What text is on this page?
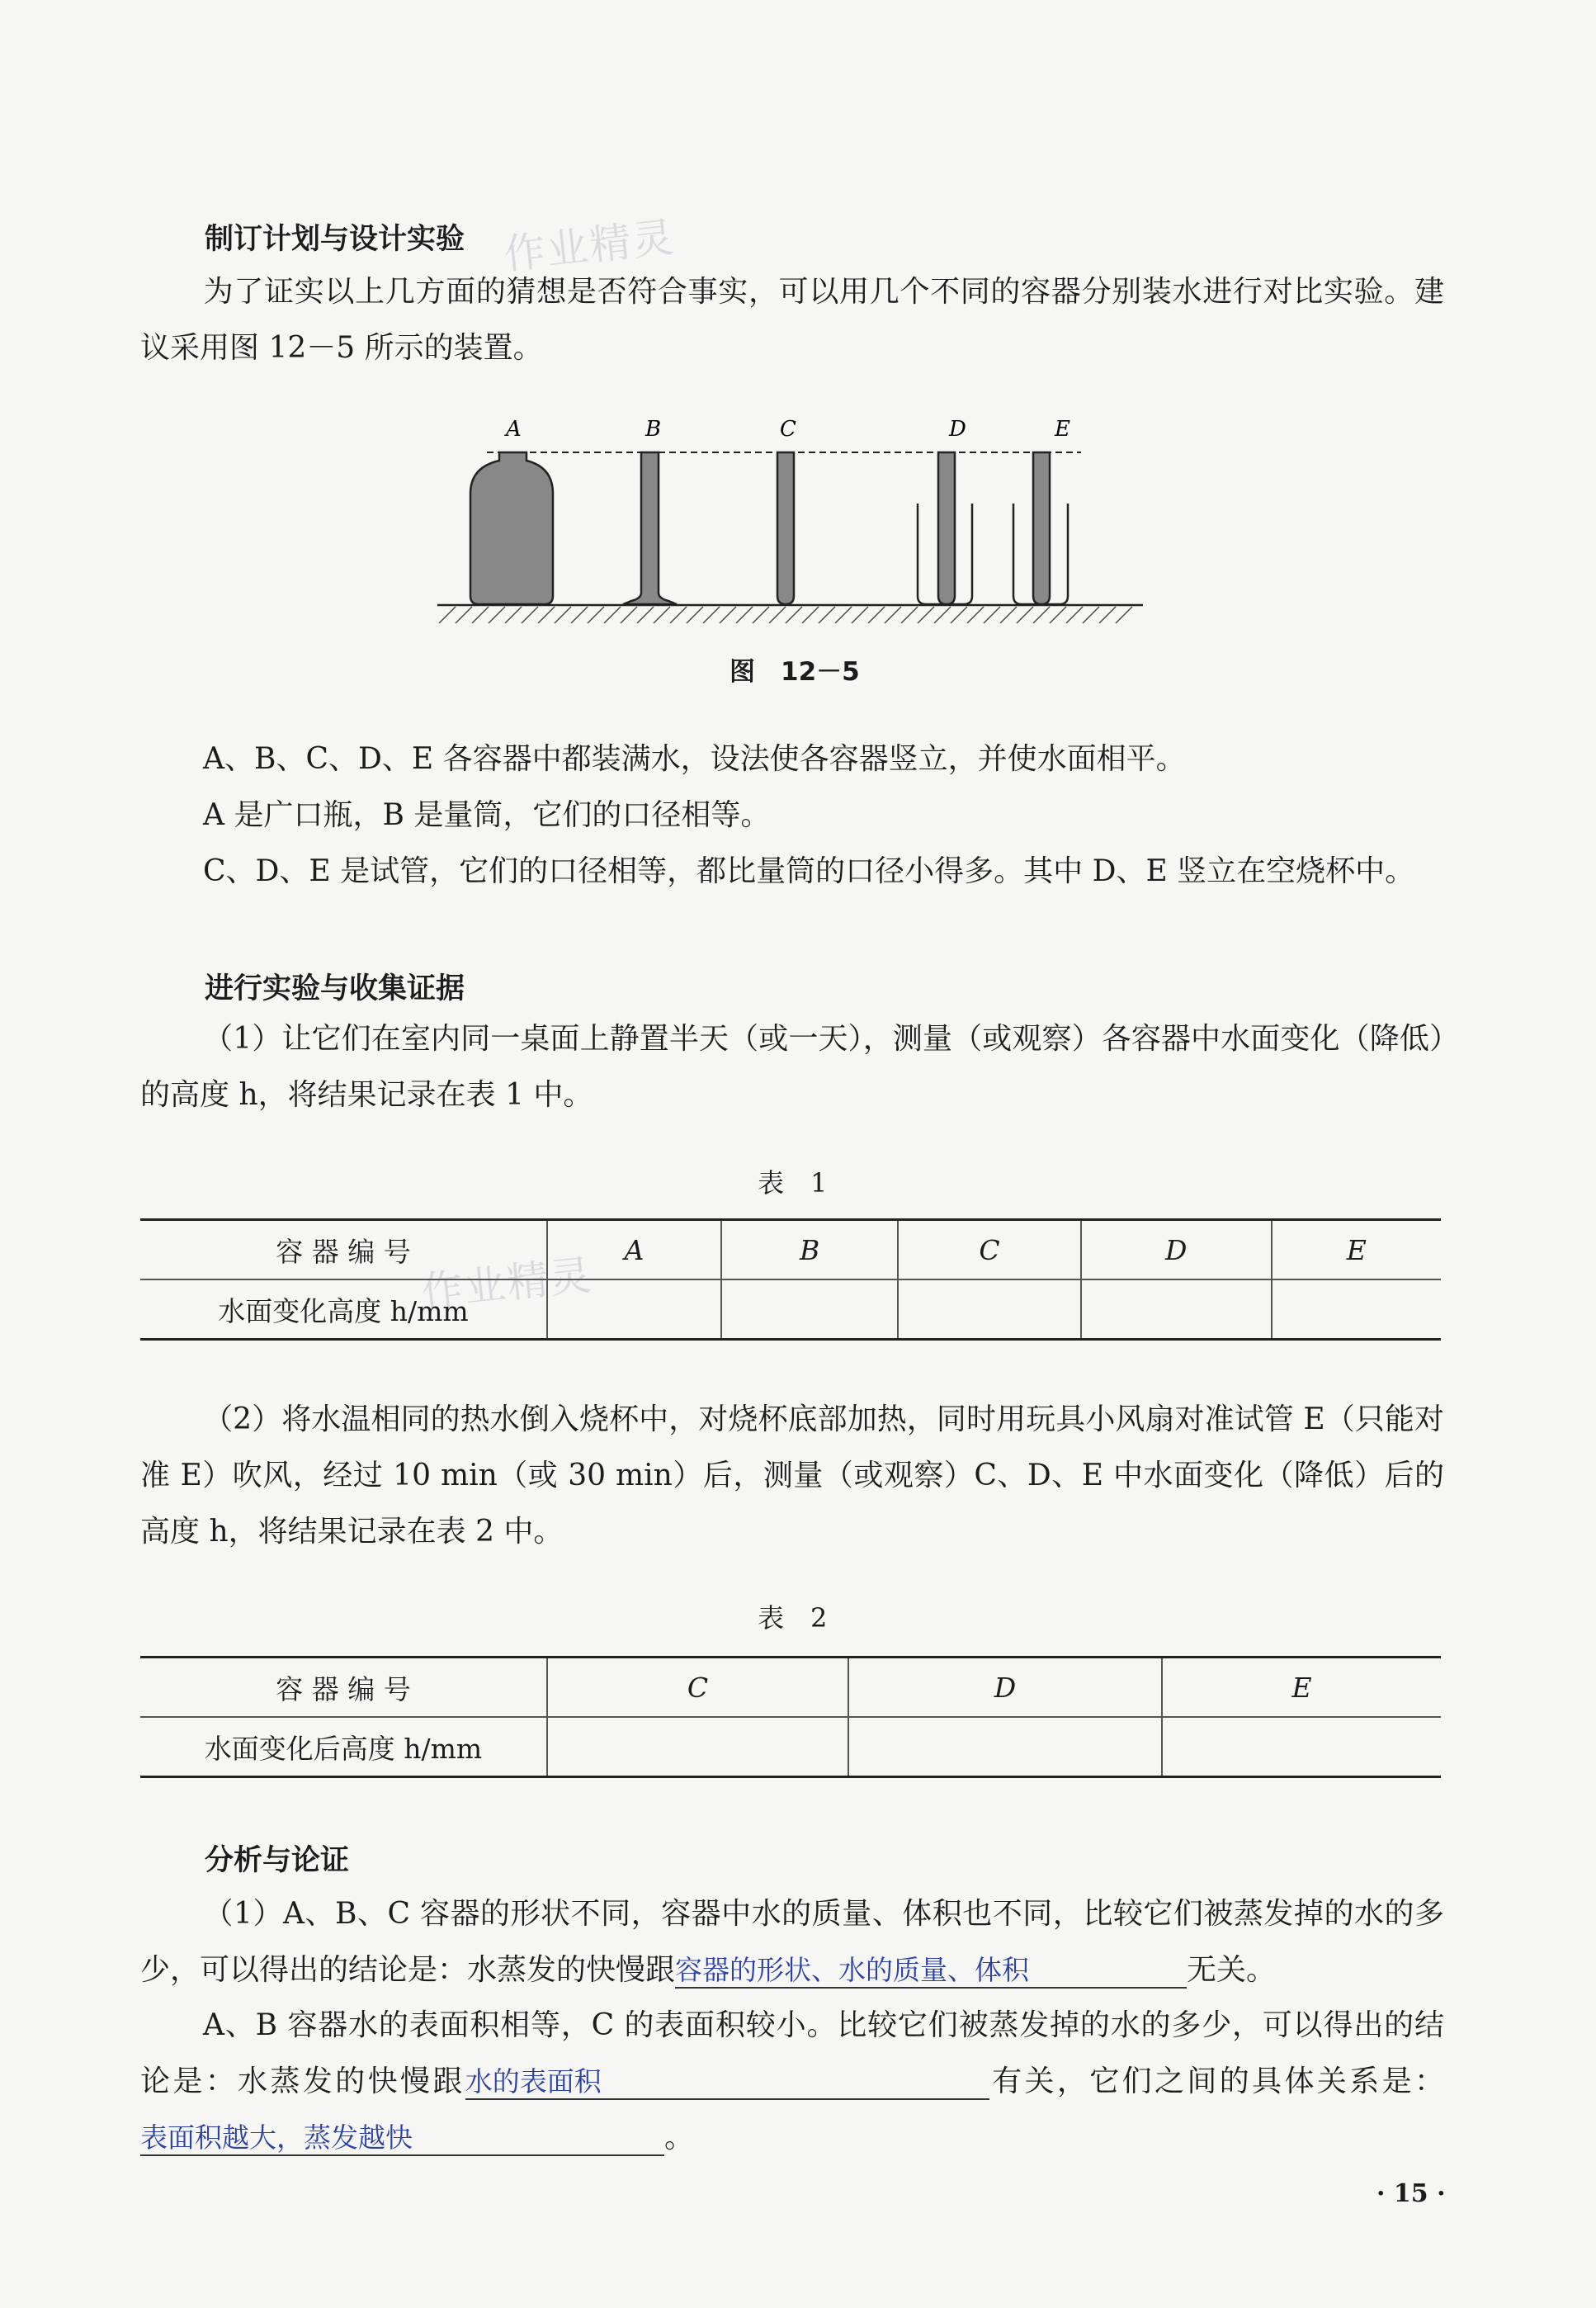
作业精灵
作业精灵
制订计划与设计实验
为了证实以上几方面的猜想是否符合事实，可以用几个不同的容器分别装水进行对比实验。建议采用图 12－5 所示的装置。
A	B	C	D	E
图　12－5
A、B、C、D、E 各容器中都装满水，设法使各容器竖立，并使水面相平。
A 是广口瓶，B 是量筒，它们的口径相等。
C、D、E 是试管，它们的口径相等，都比量筒的口径小得多。其中 D、E 竖立在空烧杯中。
进行实验与收集证据
（1）让它们在室内同一桌面上静置半天（或一天），测量（或观察）各容器中水面变化（降低）的高度 h，将结果记录在表 1 中。
表　1
容 器 编 号	A	B	C	D	E
水面变化高度 h/mm					
（2）将水温相同的热水倒入烧杯中，对烧杯底部加热，同时用玩具小风扇对准试管 E（只能对准 E）吹风，经过 10 min（或 30 min）后，测量（或观察）C、D、E 中水面变化（降低）后的高度 h，将结果记录在表 2 中。
表　2
容 器 编 号	C	D	E
水面变化后高度 h/mm			
分析与论证
（1）A、B、C 容器的形状不同，容器中水的质量、体积也不同，比较它们被蒸发掉的水的多少，可以得出的结论是：水蒸发的快慢跟容器的形状、水的质量、体积	无关。
A、B 容器水的表面积相等，C 的表面积较小。比较它们被蒸发掉的水的多少，可以得出的结论是：水蒸发的快慢跟水的表面积	有关，它们之间的具体关系是：表面积越大，蒸发越快	。
· 15 ·
